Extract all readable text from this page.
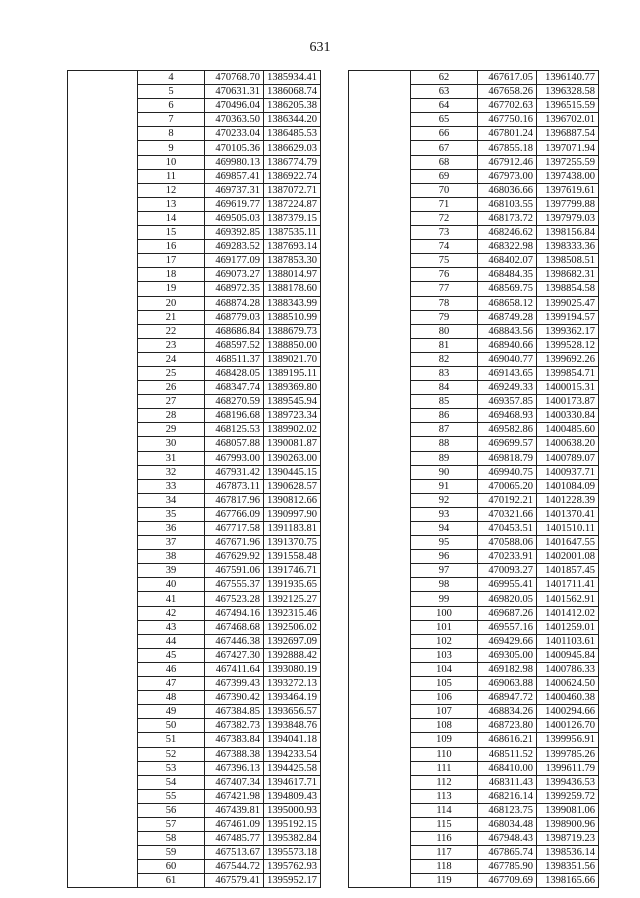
631
	4	470768.70	1385934.41
	5	470631.31	1386068.74
	6	470496.04	1386205.38
	7	470363.50	1386344.20
	8	470233.04	1386485.53
	9	470105.36	1386629.03
	10	469980.13	1386774.79
	11	469857.41	1386922.74
	12	469737.31	1387072.71
	13	469619.77	1387224.87
	14	469505.03	1387379.15
	15	469392.85	1387535.11
	16	469283.52	1387693.14
	17	469177.09	1387853.30
	18	469073.27	1388014.97
	19	468972.35	1388178.60
	20	468874.28	1388343.99
	21	468779.03	1388510.99
	22	468686.84	1388679.73
	23	468597.52	1388850.00
	24	468511.37	1389021.70
	25	468428.05	1389195.11
	26	468347.74	1389369.80
	27	468270.59	1389545.94
	28	468196.68	1389723.34
	29	468125.53	1389902.02
	30	468057.88	1390081.87
	31	467993.00	1390263.00
	32	467931.42	1390445.15
	33	467873.11	1390628.57
	34	467817.96	1390812.66
	35	467766.09	1390997.90
	36	467717.58	1391183.81
	37	467671.96	1391370.75
	38	467629.92	1391558.48
	39	467591.06	1391746.71
	40	467555.37	1391935.65
	41	467523.28	1392125.27
	42	467494.16	1392315.46
	43	467468.68	1392506.02
	44	467446.38	1392697.09
	45	467427.30	1392888.42
	46	467411.64	1393080.19
	47	467399.43	1393272.13
	48	467390.42	1393464.19
	49	467384.85	1393656.57
	50	467382.73	1393848.76
	51	467383.84	1394041.18
	52	467388.38	1394233.54
	53	467396.13	1394425.58
	54	467407.34	1394617.71
	55	467421.98	1394809.43
	56	467439.81	1395000.93
	57	467461.09	1395192.15
	58	467485.77	1395382.84
	59	467513.67	1395573.18
	60	467544.72	1395762.93
	61	467579.41	1395952.17
	62	467617.05	1396140.77
	63	467658.26	1396328.58
	64	467702.63	1396515.59
	65	467750.16	1396702.01
	66	467801.24	1396887.54
	67	467855.18	1397071.94
	68	467912.46	1397255.59
	69	467973.00	1397438.00
	70	468036.66	1397619.61
	71	468103.55	1397799.88
	72	468173.72	1397979.03
	73	468246.62	1398156.84
	74	468322.98	1398333.36
	75	468402.07	1398508.51
	76	468484.35	1398682.31
	77	468569.75	1398854.58
	78	468658.12	1399025.47
	79	468749.28	1399194.57
	80	468843.56	1399362.17
	81	468940.66	1399528.12
	82	469040.77	1399692.26
	83	469143.65	1399854.71
	84	469249.33	1400015.31
	85	469357.85	1400173.87
	86	469468.93	1400330.84
	87	469582.86	1400485.60
	88	469699.57	1400638.20
	89	469818.79	1400789.07
	90	469940.75	1400937.71
	91	470065.20	1401084.09
	92	470192.21	1401228.39
	93	470321.66	1401370.41
	94	470453.51	1401510.11
	95	470588.06	1401647.55
	96	470233.91	1402001.08
	97	470093.27	1401857.45
	98	469955.41	1401711.41
	99	469820.05	1401562.91
	100	469687.26	1401412.02
	101	469557.16	1401259.01
	102	469429.66	1401103.61
	103	469305.00	1400945.84
	104	469182.98	1400786.33
	105	469063.88	1400624.50
	106	468947.72	1400460.38
	107	468834.26	1400294.66
	108	468723.80	1400126.70
	109	468616.21	1399956.91
	110	468511.52	1399785.26
	111	468410.00	1399611.79
	112	468311.43	1399436.53
	113	468216.14	1399259.72
	114	468123.75	1399081.06
	115	468034.48	1398900.96
	116	467948.43	1398719.23
	117	467865.74	1398536.14
	118	467785.90	1398351.56
	119	467709.69	1398165.66
